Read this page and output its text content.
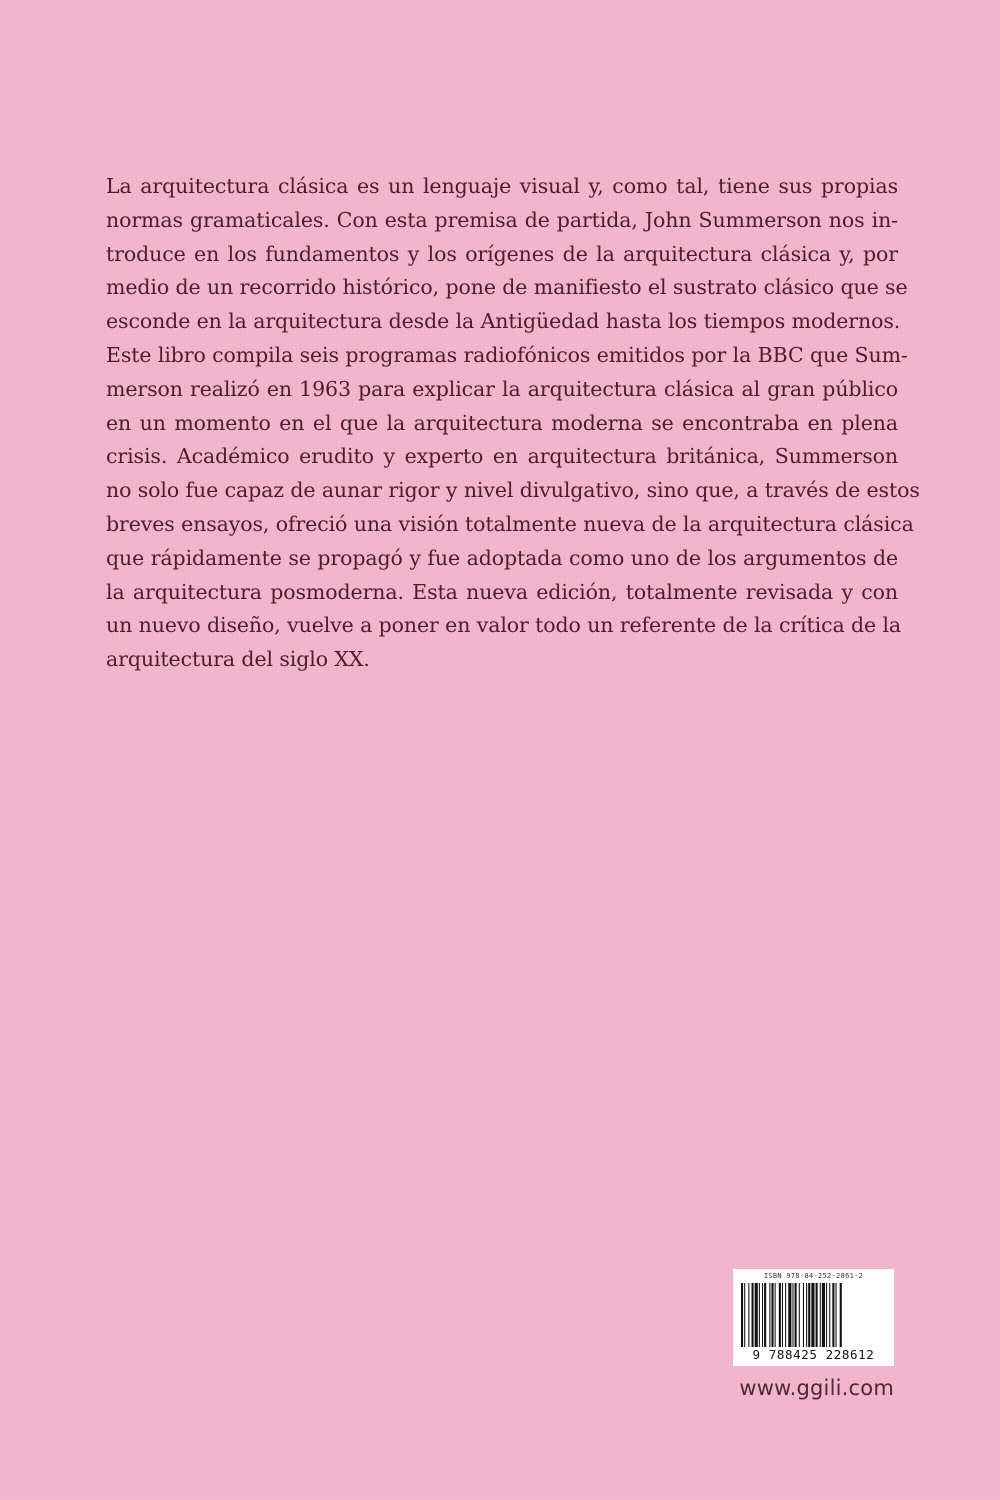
La arquitectura clásica es un lenguaje visual y, como tal, tiene sus propias
normas gramaticales. Con esta premisa de partida, John Summerson nos in-
troduce en los fundamentos y los orígenes de la arquitectura clásica y, por
medio de un recorrido histórico, pone de manifiesto el sustrato clásico que se
esconde en la arquitectura desde la Antigüedad hasta los tiempos modernos.
Este libro compila seis programas radiofónicos emitidos por la BBC que Sum-
merson realizó en 1963 para explicar la arquitectura clásica al gran público
en un momento en el que la arquitectura moderna se encontraba en plena
crisis. Académico erudito y experto en arquitectura británica, Summerson
no solo fue capaz de aunar rigor y nivel divulgativo, sino que, a través de estos
breves ensayos, ofreció una visión totalmente nueva de la arquitectura clásica
que rápidamente se propagó y fue adoptada como uno de los argumentos de
la arquitectura posmoderna. Esta nueva edición, totalmente revisada y con
un nuevo diseño, vuelve a poner en valor todo un referente de la crítica de la
arquitectura del siglo XX.

ISBN 978-84-252-2861-2
9 788425 228612
www.ggili.com
